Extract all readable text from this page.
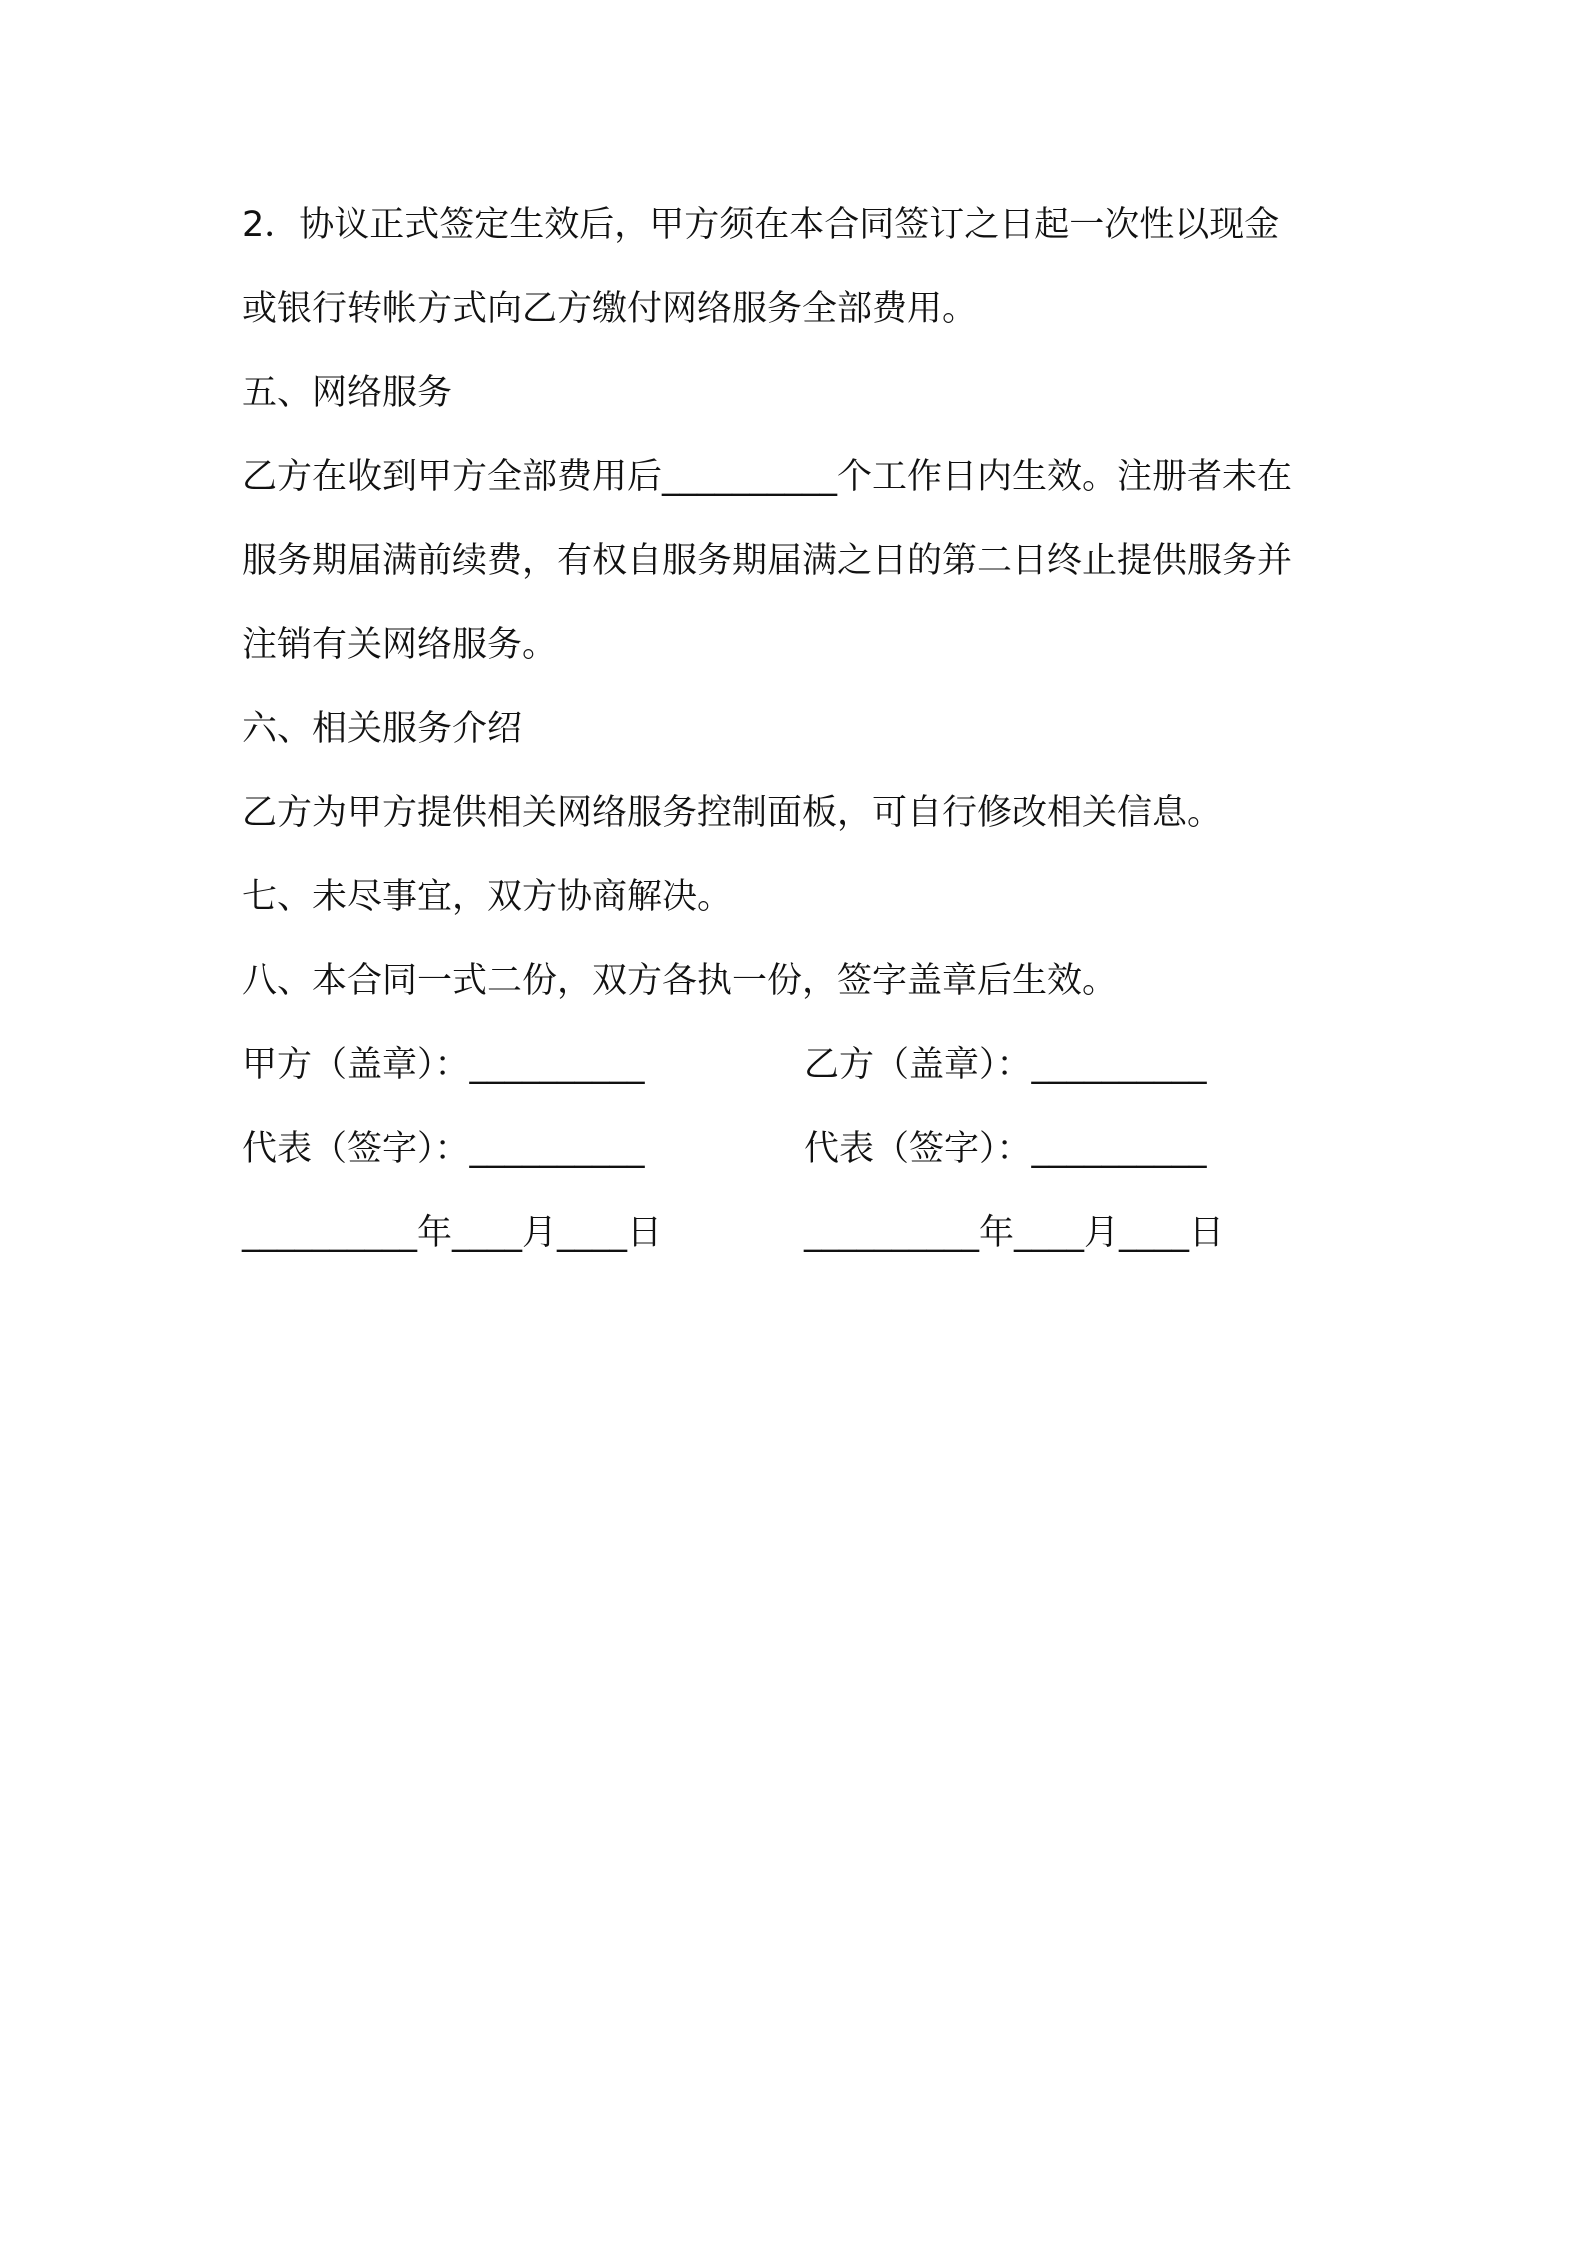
2．协议正式签定生效后，甲方须在本合同签订之日起一次性以现金

或银行转帐方式向乙方缴付网络服务全部费用。

五、网络服务

乙方在收到甲方全部费用后__________个工作日内生效。注册者未在

服务期届满前续费，有权自服务期届满之日的第二日终止提供服务并

注销有关网络服务。

六、相关服务介绍

乙方为甲方提供相关网络服务控制面板，可自行修改相关信息。

七、未尽事宜，双方协商解决。

八、本合同一式二份，双方各执一份，签字盖章后生效。

甲方（盖章）：__________	乙方（盖章）：__________

代表（签字）：__________	代表（签字）：__________

__________年____月____日	__________年____月____日
